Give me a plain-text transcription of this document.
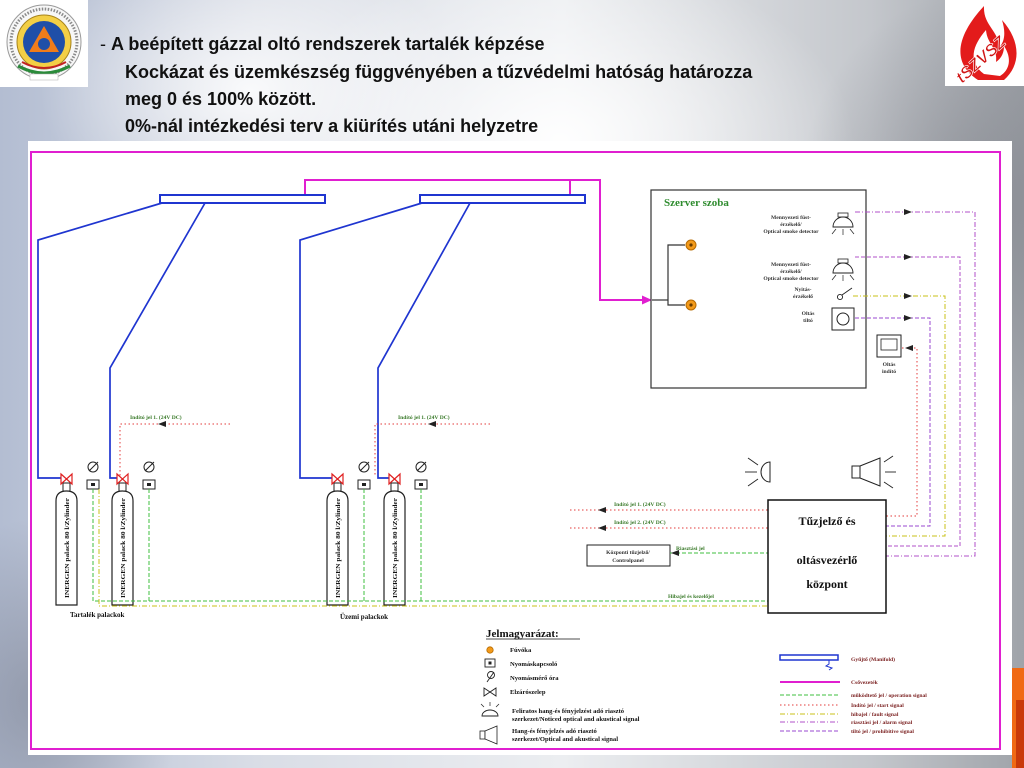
tSZVSZ
INERGEN palack 80 l/Zylinder	INERGEN palack 80 l/Zylinder	INERGEN palack 80 l/Zylinder	INERGEN palack 80 l/Zylinder
Tartalék palackok	Üzemi palackok
Hibajel és kezelőjel
Indító jel 1. (24V DC)	Indító jel 1. (24V DC)
Szerver szoba
Mennyezeti füst-
érzékelő/
Optical smoke detector
Mennyezeti füst-
érzékelő/
Optical smoke detector
Nyitás-
érzékelő
Oltás
tiltó
Oltás
indító
Indító jel 1. (24V DC)
Indító jel 2. (24V DC)
Központi tűzjelző/
Controlpanel
Riasztási jel
Tűzjelző és
oltásvezérlő
központ
Jelmagyarázat:
Fúvóka
Nyomáskapcsoló
Nyomásmérő óra
Elzárószelep
Feliratos hang-és fényjelzést adó riasztó
szerkezet/Noticed optical and akustical signal
Hang-és fényjelzés adó riasztó
szerkezet/Optical and akustical signal
Gyűjtő (Manifold)
Csővezeték
működtető jel / operation signal
Indító jel / start signal
hibajel / fault signal
riasztási jel / alarm signal
tiltó jel / prohibitive signal
- A beépített gázzal oltó rendszerek tartalék képzése
Kockázat és üzemkészség függvényében a tűzvédelmi hatóság határozza
meg 0 és 100% között.
0%-nál intézkedési terv a kiürítés utáni helyzetre
